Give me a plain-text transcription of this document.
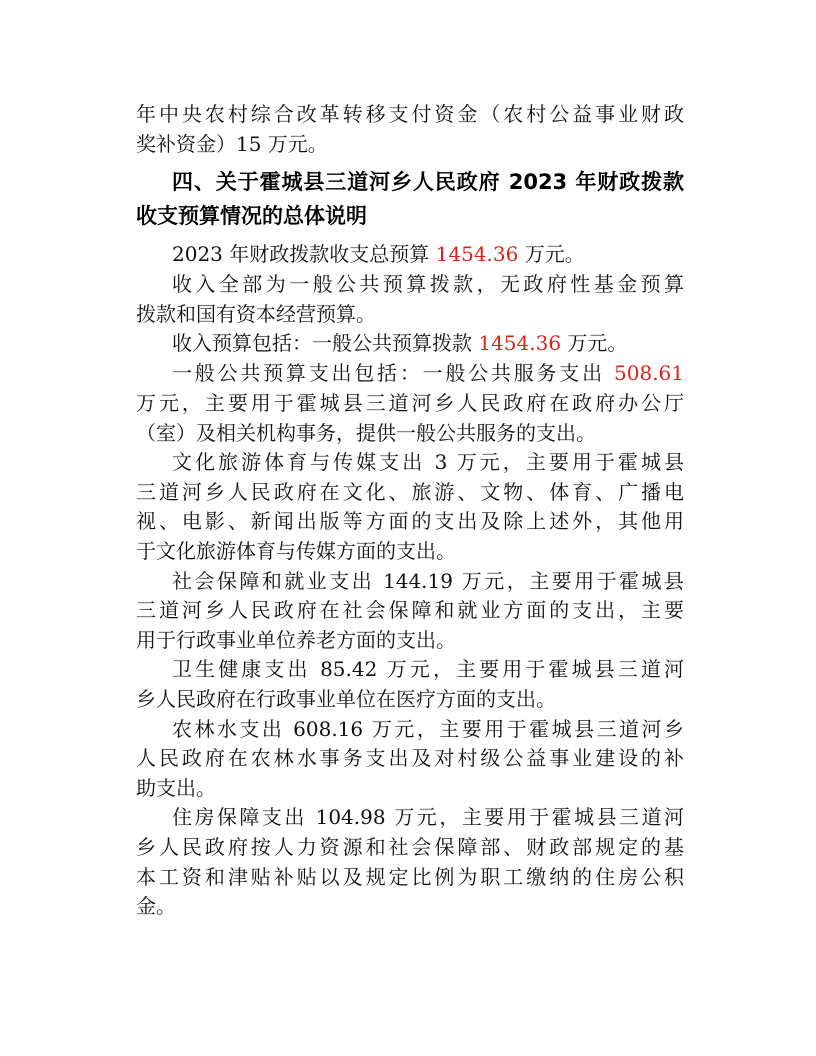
年中央农村综合改革转移支付资金（农村公益事业财政
奖补资金）15 万元。
四、关于霍城县三道河乡人民政府 2023 年财政拨款
收支预算情况的总体说明
2023 年财政拨款收支总预算 1454.36 万元。
收入全部为一般公共预算拨款，无政府性基金预算
拨款和国有资本经营预算。
收入预算包括：一般公共预算拨款 1454.36 万元。
一般公共预算支出包括：一般公共服务支出 508.61
万元，主要用于霍城县三道河乡人民政府在政府办公厅
（室）及相关机构事务，提供一般公共服务的支出。
文化旅游体育与传媒支出 3 万元，主要用于霍城县
三道河乡人民政府在文化、旅游、文物、体育、广播电
视、电影、新闻出版等方面的支出及除上述外，其他用
于文化旅游体育与传媒方面的支出。
社会保障和就业支出 144.19 万元，主要用于霍城县
三道河乡人民政府在社会保障和就业方面的支出，主要
用于行政事业单位养老方面的支出。
卫生健康支出 85.42 万元，主要用于霍城县三道河
乡人民政府在行政事业单位在医疗方面的支出。
农林水支出 608.16 万元，主要用于霍城县三道河乡
人民政府在农林水事务支出及对村级公益事业建设的补
助支出。
住房保障支出 104.98 万元，主要用于霍城县三道河
乡人民政府按人力资源和社会保障部、财政部规定的基
本工资和津贴补贴以及规定比例为职工缴纳的住房公积
金。
